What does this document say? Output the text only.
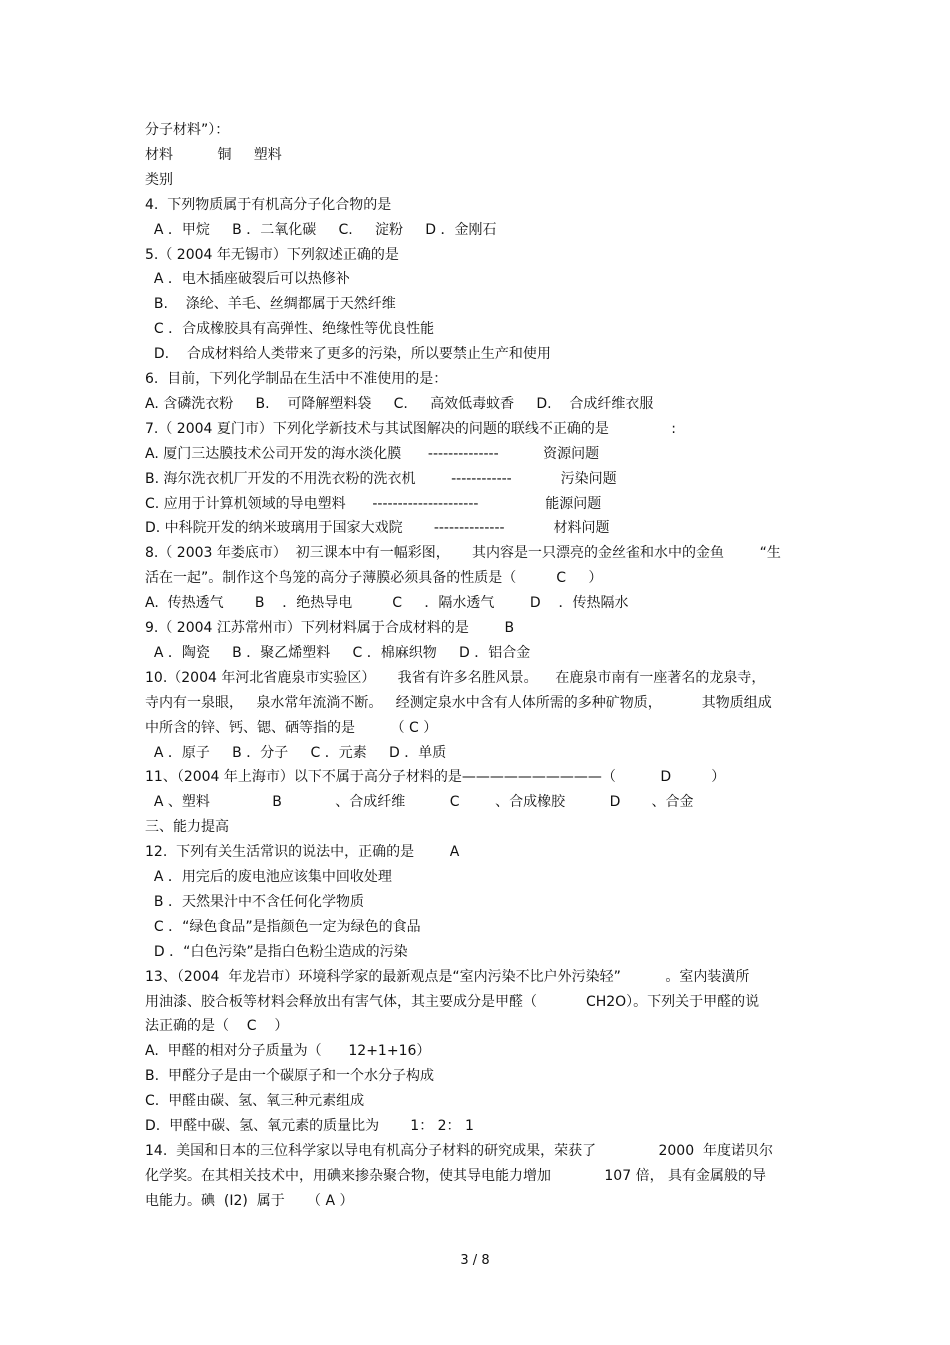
分子材料”）：
材料          铜     塑料
类别
4.  下列物质属于有机高分子化合物的是
A ．甲烷     B ．二氧化碳     C.     淀粉     D ．金刚石
5.（ 2004 年无锡市）下列叙述正确的是
A ．电木插座破裂后可以热修补
B.    涤纶、羊毛、丝绸都属于天然纤维
C ．合成橡胶具有高弹性、绝缘性等优良性能
D.    合成材料给人类带来了更多的污染，所以要禁止生产和使用
6.  目前，下列化学制品在生活中不准使用的是：
A. 含磷洗衣粉     B.    可降解塑料袋     C.     高效低毒蚊香     D.    合成纤维衣服
7.（ 2004 夏门市）下列化学新技术与其试图解决的问题的联线不正确的是              :
A. 厦门三达膜技术公司开发的海水淡化膜      --------------          资源问题
B. 海尔洗衣机厂开发的不用洗衣粉的洗衣机        ------------           污染问题
C. 应用于计算机领域的导电塑料      ---------------------               能源问题
D. 中科院开发的纳米玻璃用于国家大戏院       --------------           材料问题
8.（ 2003 年娄底市）  初三课本中有一幅彩图，     其内容是一只漂亮的金丝雀和水中的金鱼        “生
活在一起”。制作这个鸟笼的高分子薄膜必须具备的性质是（         C     ）
A.  传热透气       B    ．绝热导电         C     ．隔水透气        D    ．传热隔水
9.（ 2004 江苏常州市）下列材料属于合成材料的是        B
A ．陶瓷     B ．聚乙烯塑料     C ．棉麻织物     D ．铝合金
10.（2004 年河北省鹿泉市实验区）     我省有许多名胜风景。    在鹿泉市南有一座著名的龙泉寺，
寺内有一泉眼，   泉水常年流淌不断。   经测定泉水中含有人体所需的多种矿物质，         其物质组成
中所含的锌、钙、锶、硒等指的是        （ C ）
A ．原子     B ．分子     C ．元素     D ．单质
11、（2004 年上海市）以下不属于高分子材料的是——————————（          D         ）
A 、塑料              B            、合成纤维          C        、合成橡胶          D       、合金
三、能力提高
12.  下列有关生活常识的说法中，正确的是        A
A ．用完后的废电池应该集中回收处理
B ．天然果汁中不含任何化学物质
C ．“绿色食品”是指颜色一定为绿色的食品
D ．“白色污染”是指白色粉尘造成的污染
13、（2004  年龙岩市）环境科学家的最新观点是“室内污染不比户外污染轻”          。室内装潢所
用油漆、胶合板等材料会释放出有害气体，其主要成分是甲醛（           CH2O）。下列关于甲醛的说
法正确的是（    C    ）
A.  甲醛的相对分子质量为（      12+1+16）
B.  甲醛分子是由一个碳原子和一个水分子构成
C.  甲醛由碳、氢、氧三种元素组成
D.  甲醛中碳、氢、氧元素的质量比为       1： 2： 1
14.  美国和日本的三位科学家以导电有机高分子材料的研究成果，荣获了              2000  年度诺贝尔
化学奖。在其相关技术中，用碘来掺杂聚合物，使其导电能力增加            107 倍， 具有金属般的导
电能力。碘  (I2)  属于     （ A ）
3 / 8
